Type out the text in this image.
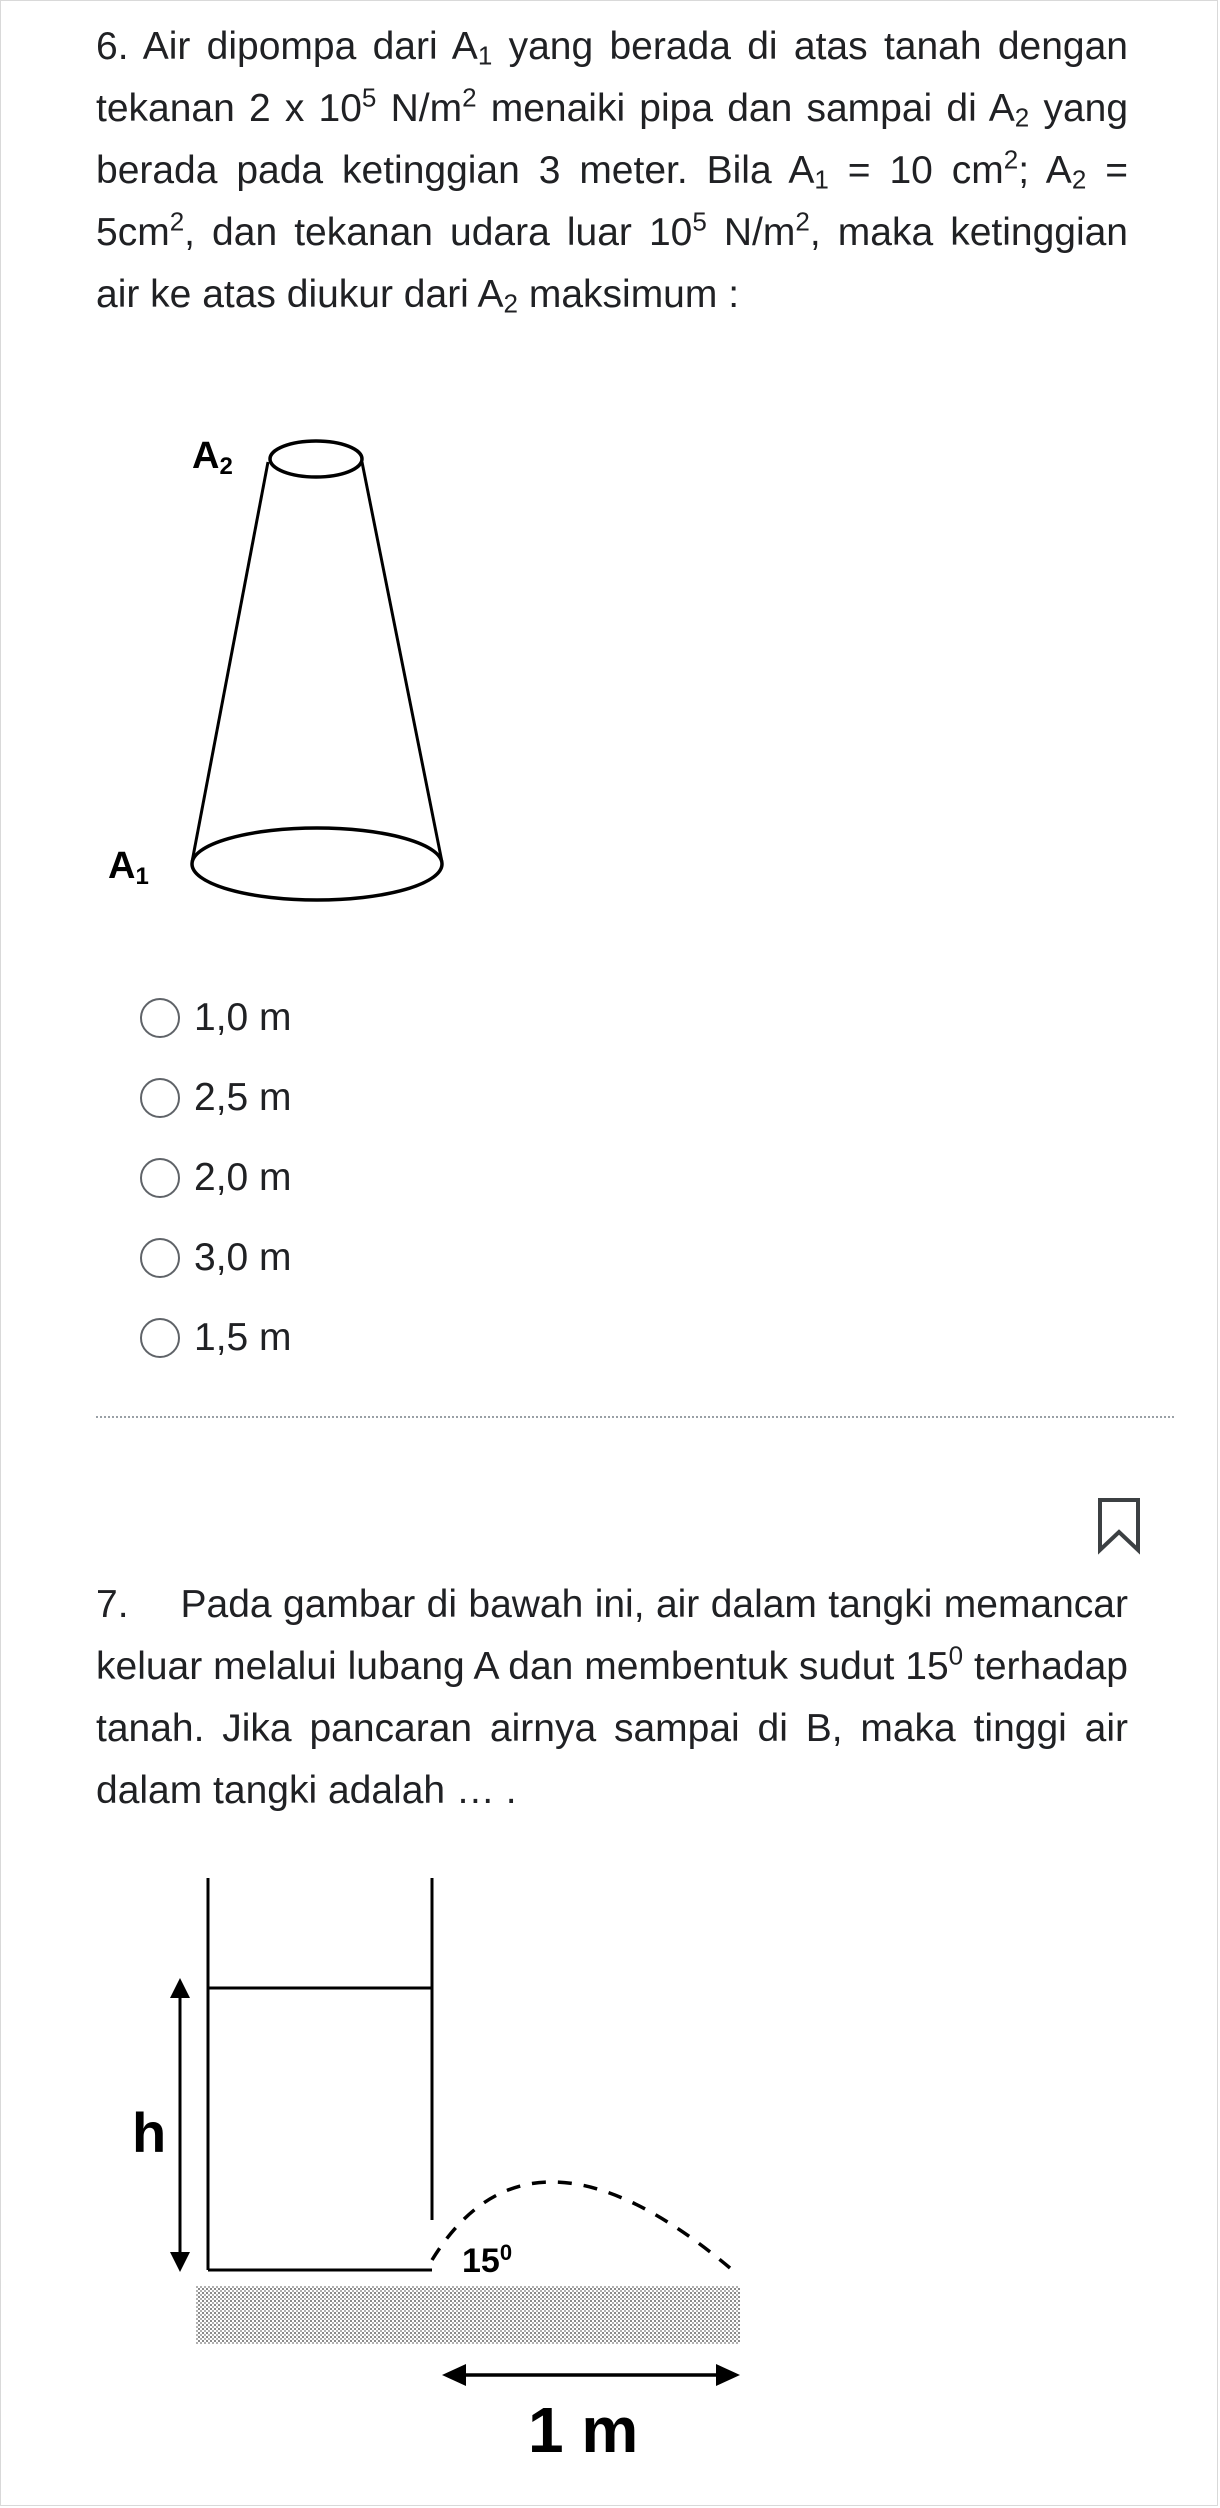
6. Air dipompa dari $A_1$ yang berada di atas tanah dengan tekanan 2 x $10^5$ $N/m^2$ menaiki pipa dan sampai di $A_2$ yang berada pada ketinggian 3 meter. Bila $A_1 = 10$ $cm^2$; $A_2 = 5cm^2$, dan tekanan udara luar $10^5$ $N/m^2$, maka ketinggian air ke atas diukur dari $A_2$ maksimum :
A2
A1
1,0 m
2,5 m
2,0 m
3,0 m
1,5 m
7. Pada gambar di bawah ini, air dalam tangki memancar keluar melalui lubang A dan membentuk sudut $15^0$ terhadap tanah. Jika pancaran airnya sampai di B, maka tinggi air dalam tangki adalah … .
h
$15^0$
1 m
